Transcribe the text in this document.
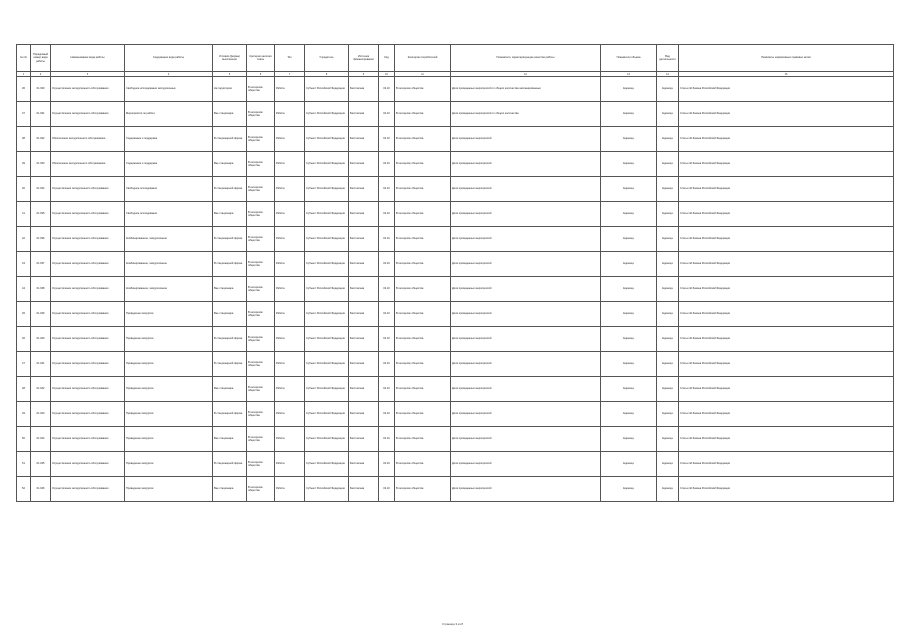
№ п/п	Порядковый номер вида работы	Наименование вида работы	Содержание вида работы	Условия (формы) выполнения	Критерии наличия платы	Тип	Учредитель	Источник финансирования	Код	Категории потребителей	Показатели, характеризующие качество работы	Показатели объема	Вид деятельности	Реквизиты нормативных правовых актов
1	2	3	4	5	6	7	8	9	10	11	12	13	14	15
36	01.030	Осуществление экскурсионного обслуживания	Свободное исследование экскурсионных	На территории	В интересах общества	Работа	Субъект Российской Федерации	Бесплатная	02.10	В интересах общества	Доля проведенных мероприятий от общего количества запланированных	Единица	Единица	Статья 42 Закона Российской Федерации
37	01.031	Осуществление экскурсионного обслуживания	Мероприятия по работе	Вне стационара	В интересах общества	Работа	Субъект Российской Федерации	Бесплатная	02.10	В интересах общества	Доля проведенных мероприятий от общего количества	Единица	Единица	Статья 42 Закона Российской Федерации
38	01.032	Обеспечение экскурсионного обслуживания	Содержание и поддержка	В стационарной форме	В интересах общества	Работа	Субъект Российской Федерации	Бесплатная	02.10	В интересах общества	Доля проведенных мероприятий	Единица	Единица	Статья 42 Закона Российской Федерации
39	01.033	Обеспечение экскурсионного обслуживания	Содержание и поддержка	Вне стационара	В интересах общества	Работа	Субъект Российской Федерации	Бесплатная	02.10	В интересах общества	Доля проведенных мероприятий	Единица	Единица	Статья 42 Закона Российской Федерации
40	01.034	Осуществление экскурсионного обслуживания	Свободное исследование	В стационарной форме	В интересах общества	Работа	Субъект Российской Федерации	Бесплатная	02.10	В интересах общества	Доля проведенных мероприятий	Единица	Единица	Статья 42 Закона Российской Федерации
41	01.035	Осуществление экскурсионного обслуживания	Свободное исследование	Вне стационара	В интересах общества	Работа	Субъект Российской Федерации	Бесплатная	02.10	В интересах общества	Доля проведенных мероприятий	Единица	Единица	Статья 42 Закона Российской Федерации
42	01.036	Осуществление экскурсионного обслуживания	Комбинированное, экскурсионное	В стационарной форме	В интересах общества	Работа	Субъект Российской Федерации	Бесплатная	02.10	В интересах общества	Доля проведенных мероприятий	Единица	Единица	Статья 42 Закона Российской Федерации
43	01.037	Осуществление экскурсионного обслуживания	Комбинированное, экскурсионное	В стационарной форме	В интересах общества	Работа	Субъект Российской Федерации	Бесплатная	02.10	В интересах общества	Доля проведенных мероприятий	Единица	Единица	Статья 42 Закона Российской Федерации
44	01.038	Осуществление экскурсионного обслуживания	Комбинированное, экскурсионное	Вне стационара	В интересах общества	Работа	Субъект Российской Федерации	Бесплатная	02.10	В интересах общества	Доля проведенных мероприятий	Единица	Единица	Статья 42 Закона Российской Федерации
45	01.039	Осуществление экскурсионного обслуживания	Проведение экскурсии	Вне стационара	В интересах общества	Работа	Субъект Российской Федерации	Бесплатная	02.10	В интересах общества	Доля проведенных мероприятий	Единица	Единица	Статья 42 Закона Российской Федерации
46	01.040	Осуществление экскурсионного обслуживания	Проведение экскурсии	В стационарной форме	В интересах общества	Работа	Субъект Российской Федерации	Бесплатная	02.10	В интересах общества	Доля проведенных мероприятий	Единица	Единица	Статья 42 Закона Российской Федерации
47	01.041	Осуществление экскурсионного обслуживания	Проведение экскурсии	В стационарной форме	В интересах общества	Работа	Субъект Российской Федерации	Бесплатная	02.10	В интересах общества	Доля проведенных мероприятий	Единица	Единица	Статья 42 Закона Российской Федерации
48	01.042	Осуществление экскурсионного обслуживания	Проведение экскурсии	Вне стационара	В интересах общества	Работа	Субъект Российской Федерации	Бесплатная	02.10	В интересах общества	Доля проведенных мероприятий	Единица	Единица	Статья 42 Закона Российской Федерации
49	01.043	Осуществление экскурсионного обслуживания	Проведение экскурсии	В стационарной форме	В интересах общества	Работа	Субъект Российской Федерации	Бесплатная	02.10	В интересах общества	Доля проведенных мероприятий	Единица	Единица	Статья 42 Закона Российской Федерации
50	01.044	Осуществление экскурсионного обслуживания	Проведение экскурсии	Вне стационара	В интересах общества	Работа	Субъект Российской Федерации	Бесплатная	02.10	В интересах общества	Доля проведенных мероприятий	Единица	Единица	Статья 42 Закона Российской Федерации
51	01.045	Осуществление экскурсионного обслуживания	Проведение экскурсии	В стационарной форме	В интересах общества	Работа	Субъект Российской Федерации	Бесплатная	02.10	В интересах общества	Доля проведенных мероприятий	Единица	Единица	Статья 42 Закона Российской Федерации
52	01.046	Осуществление экскурсионного обслуживания	Проведение экскурсии	Вне стационара	В интересах общества	Работа	Субъект Российской Федерации	Бесплатная	02.10	В интересах общества	Доля проведенных мероприятий	Единица	Единица	Статья 42 Закона Российской Федерации
Страница 3 из 8
